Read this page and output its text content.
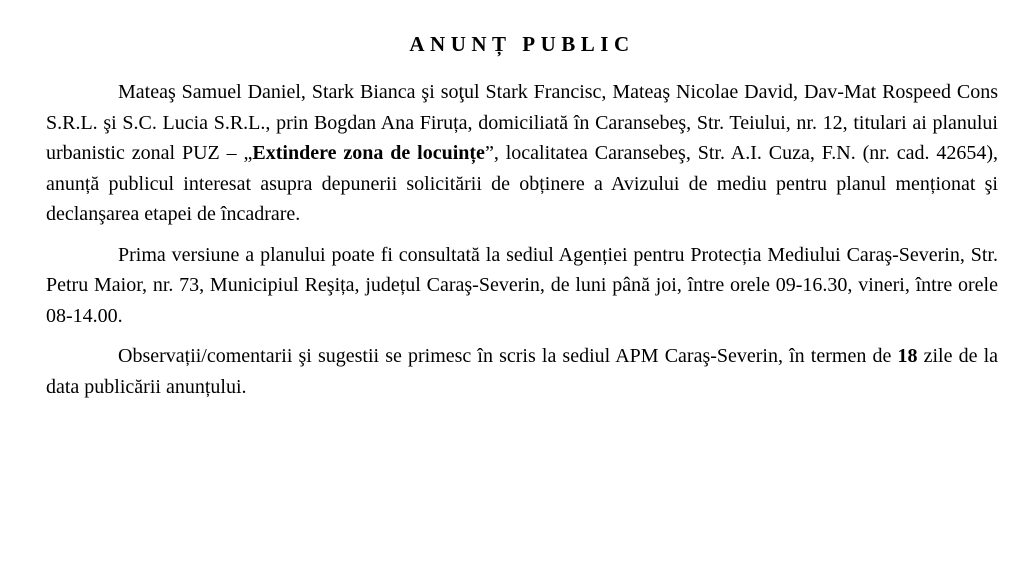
ANUNȚ PUBLIC

Mateaş Samuel Daniel, Stark Bianca şi soţul Stark Francisc, Mateaş Nicolae David, Dav-Mat Rospeed Cons S.R.L. şi S.C. Lucia S.R.L., prin Bogdan Ana Firuța, domiciliată în Caransebeş, Str. Teiului, nr. 12, titulari ai planului urbanistic zonal PUZ – „Extindere zona de locuințe”, localitatea Caransebeş, Str. A.I. Cuza, F.N. (nr. cad. 42654), anunță publicul interesat asupra depunerii solicitării de obținere a Avizului de mediu pentru planul menționat şi declanşarea etapei de încadrare.

Prima versiune a planului poate fi consultată la sediul Agenției pentru Protecția Mediului Caraş-Severin, Str. Petru Maior, nr. 73, Municipiul Reşița, județul Caraş-Severin, de luni până joi, între orele 09-16.30, vineri, între orele 08-14.00.

Observații/comentarii şi sugestii se primesc în scris la sediul APM Caraş-Severin, în termen de 18 zile de la data publicării anunțului.
